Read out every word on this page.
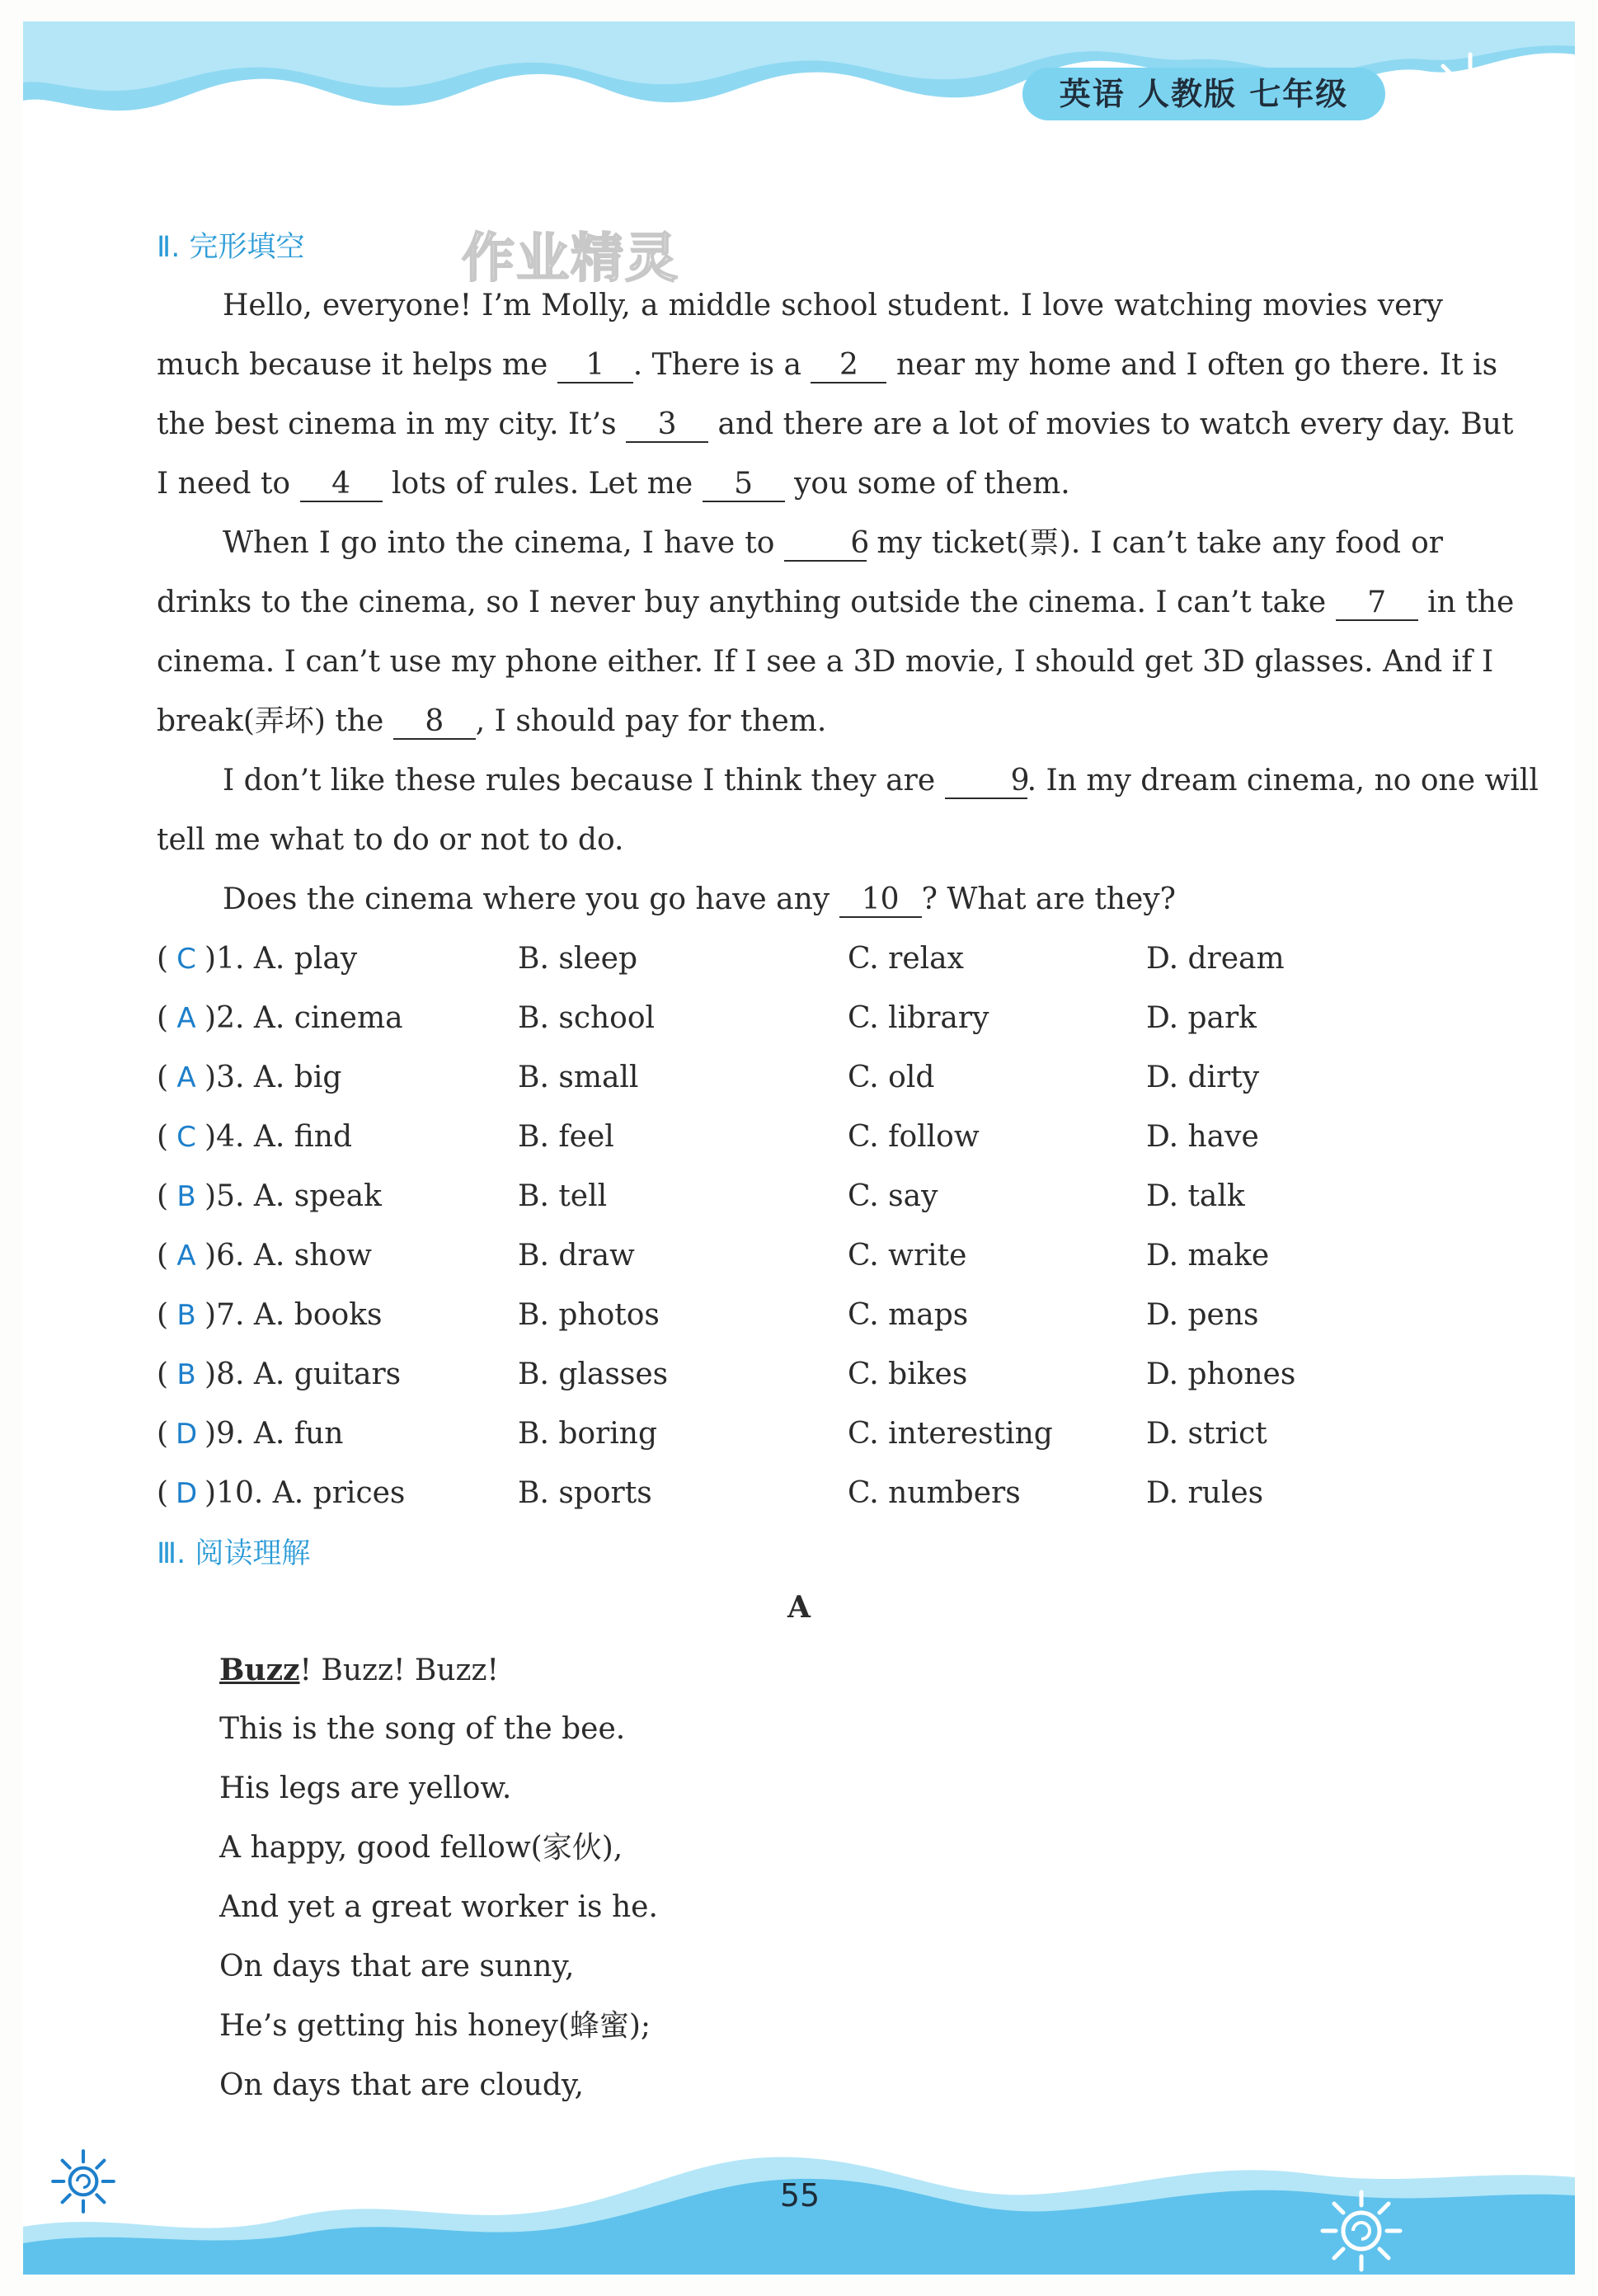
英语 人教版 七年级
Ⅱ. 完形填空	作业精灵
Hello, everyone! I’m Molly, a middle school student. I love watching movies very
much because it helps me 1 . There is a 2 near my home and I often go there. It is
the best cinema in my city. It’s 3 and there are a lot of movies to watch every day. But
I need to 4 lots of rules. Let me 5 you some of them.
When I go into the cinema, I have to	6 my ticket(票). I can’t take any food or
drinks to the cinema, so I never buy anything outside the cinema. I can’t take 7 in the
cinema. I can’t use my phone either. If I see a 3D movie, I should get 3D glasses. And if I
break(弄坏) the 8 , I should pay for them.
I don’t like these rules because I think they are	9. In my dream cinema, no one will
tell me what to do or not to do.
Does the cinema where you go have any 10 ? What are they?
( C )1. A. play	B. sleep	C. relax	D. dream
( A )2. A. cinema	B. school	C. library	D. park
( A )3. A. big	B. small	C. old	D. dirty
( C )4. A. find	B. feel	C. follow	D. have
( B )5. A. speak	B. tell	C. say	D. talk
( A )6. A. show	B. draw	C. write	D. make
( B )7. A. books	B. photos	C. maps	D. pens
( B )8. A. guitars	B. glasses	C. bikes	D. phones
( D )9. A. fun	B. boring	C. interesting	D. strict
( D )10. A. prices	B. sports	C. numbers	D. rules
Ⅲ. 阅读理解
A
Buzz! Buzz! Buzz!
This is the song of the bee.
His legs are yellow.
A happy, good fellow(家伙),
And yet a great worker is he.
On days that are sunny,
He’s getting his honey(蜂蜜);
On days that are cloudy,
55
